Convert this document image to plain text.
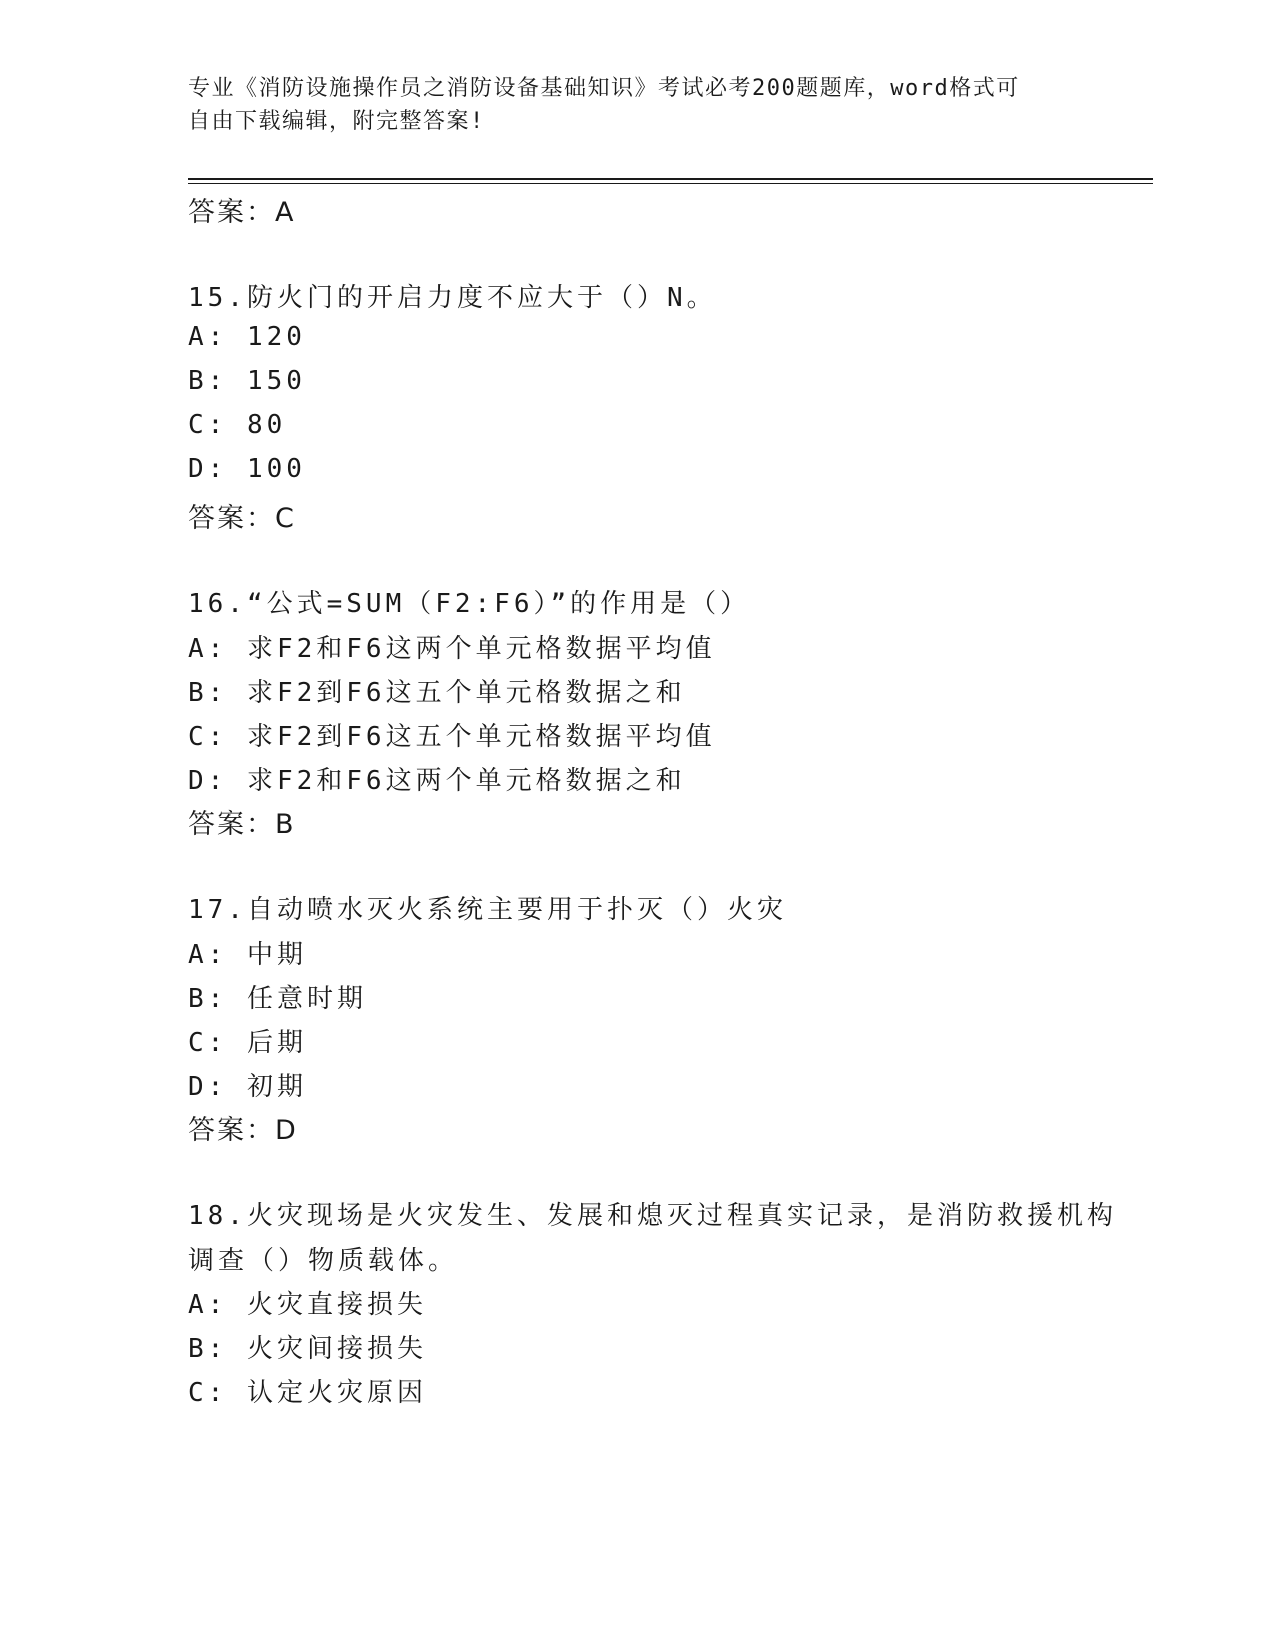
专业《消防设施操作员之消防设备基础知识》考试必考200题题库，word格式可
自由下载编辑，附完整答案!
答案：A
15.防火门的开启力度不应大于（）N。
A: 120
B: 150
C: 80
D: 100
答案：C
16.“公式=SUM（F2:F6）”的作用是（）
A: 求F2和F6这两个单元格数据平均值
B: 求F2到F6这五个单元格数据之和
C: 求F2到F6这五个单元格数据平均值
D: 求F2和F6这两个单元格数据之和
答案：B
17.自动喷水灭火系统主要用于扑灭（）火灾
A: 中期
B: 任意时期
C: 后期
D: 初期
答案：D
18.火灾现场是火灾发生、发展和熄灭过程真实记录，是消防救援机构
调查（）物质载体。
A: 火灾直接损失
B: 火灾间接损失
C: 认定火灾原因
